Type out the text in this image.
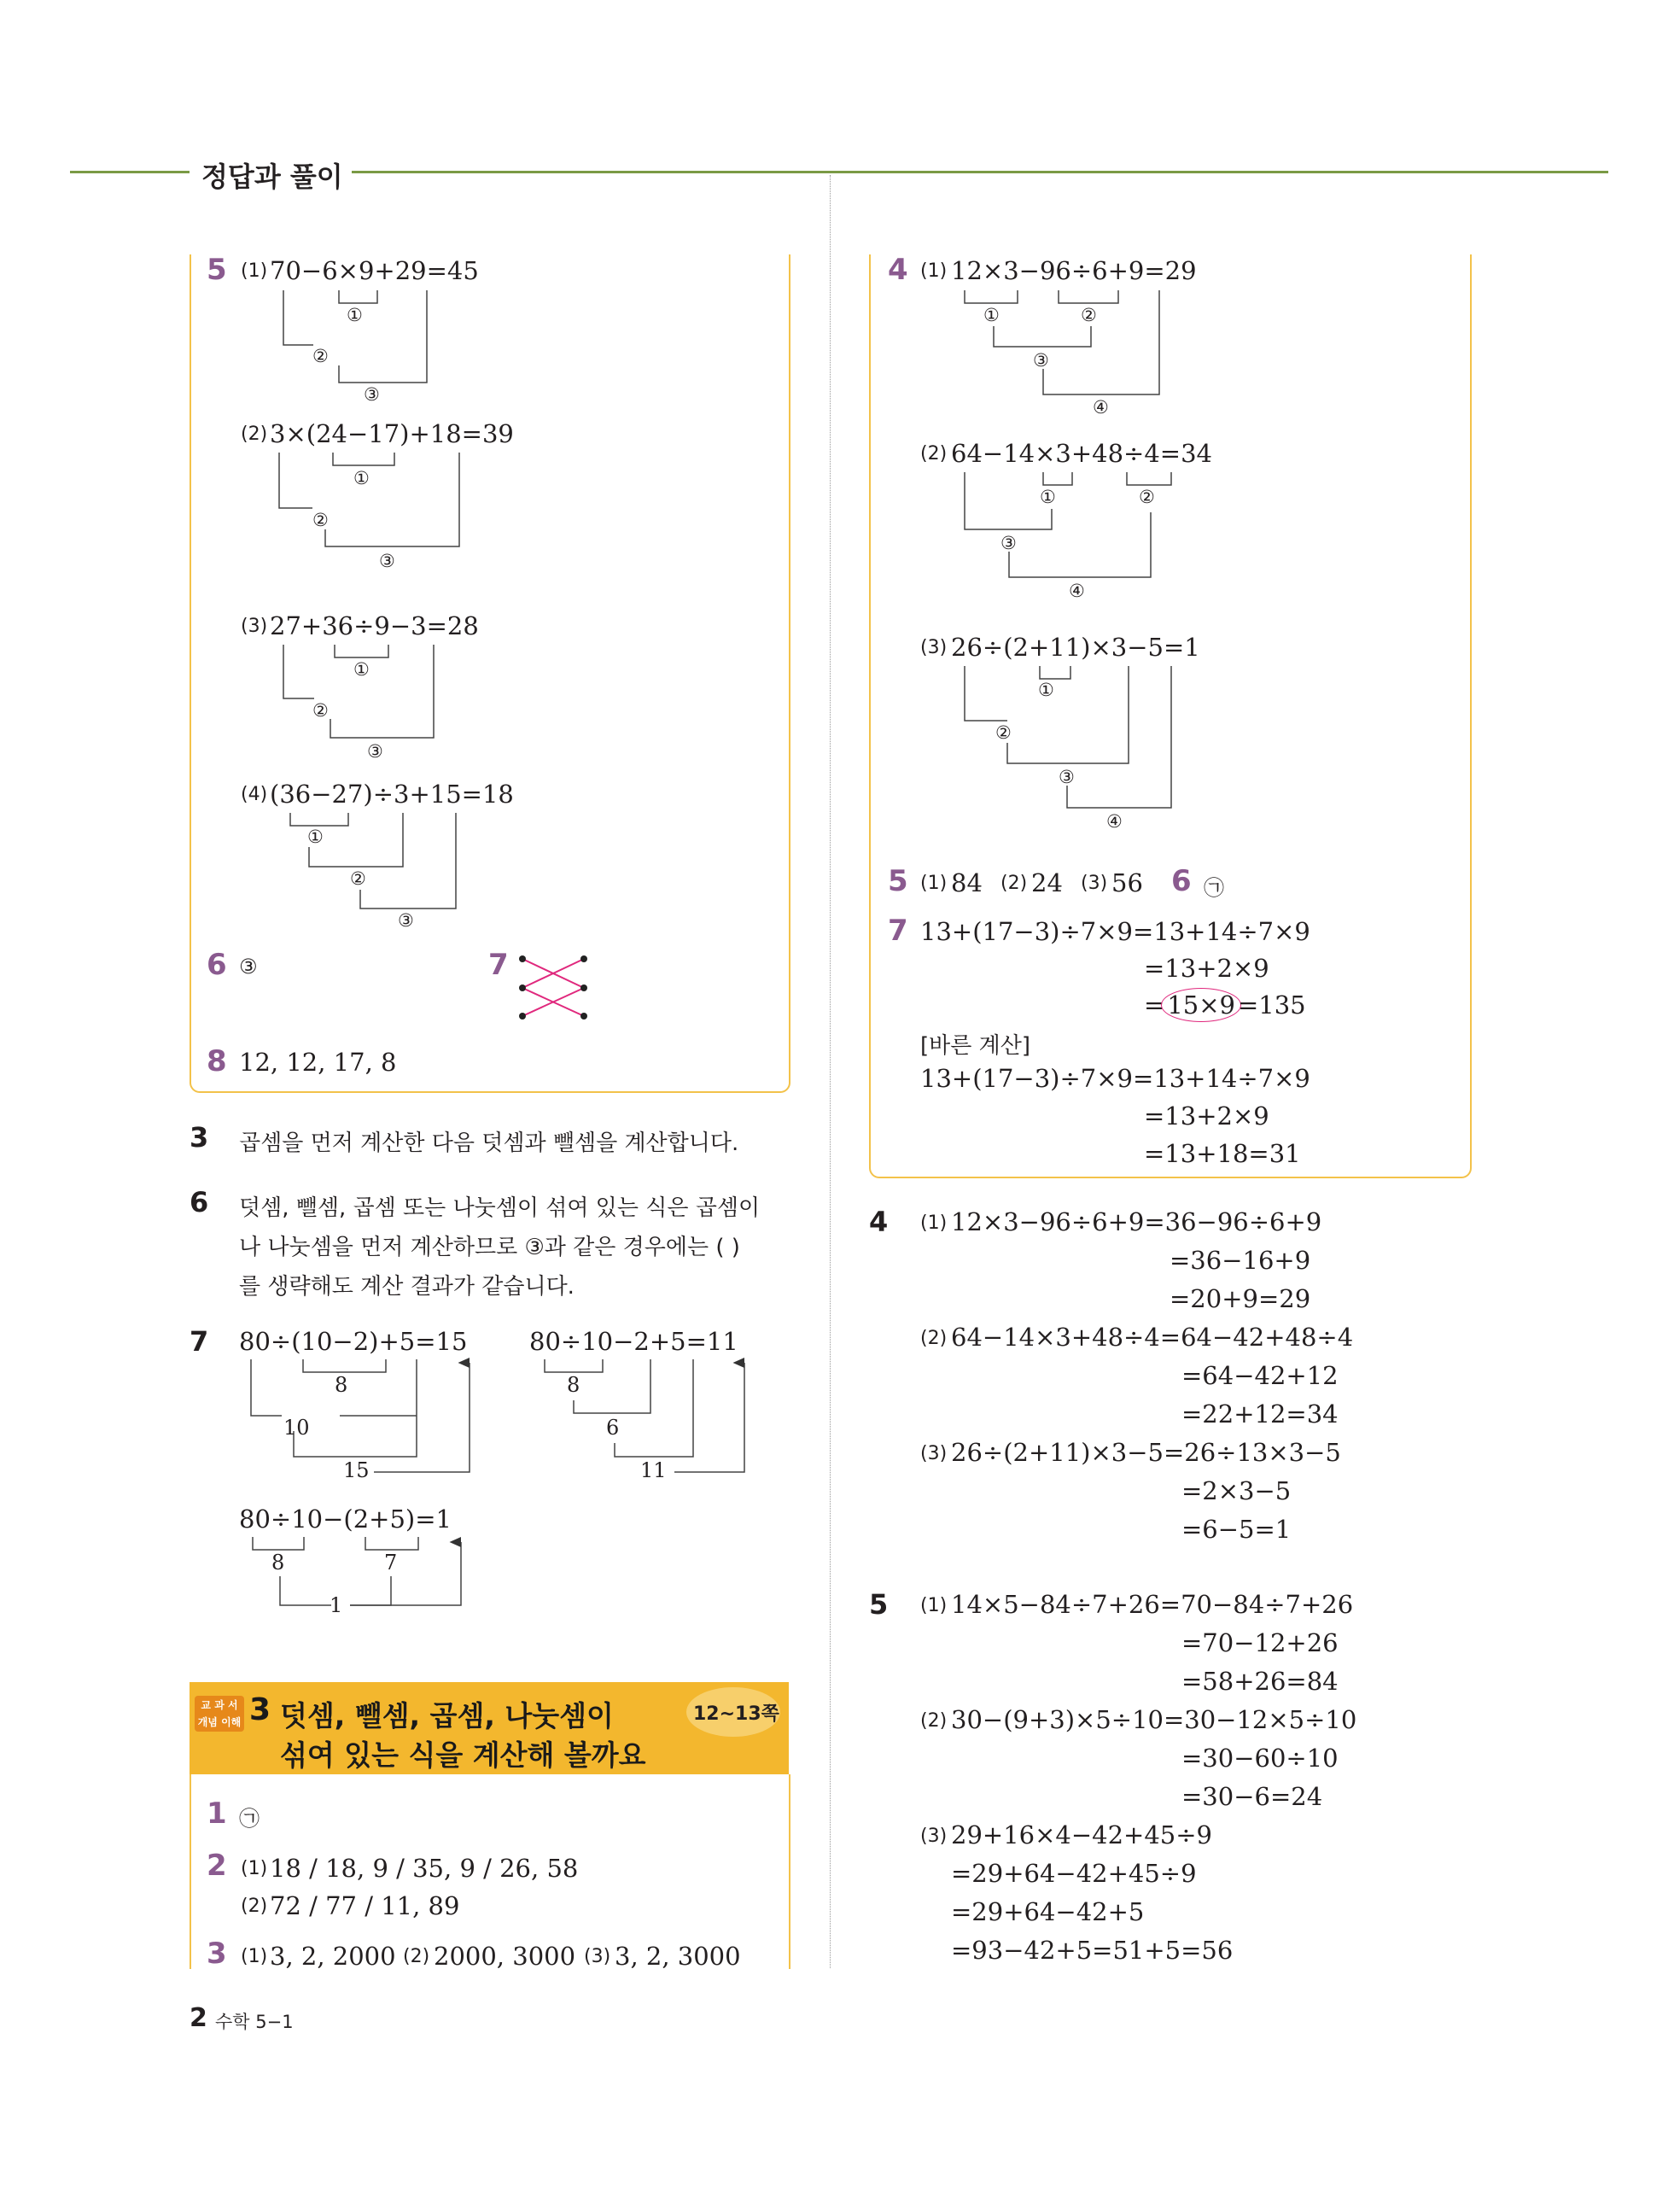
정답과 풀이
5 (1) 70−6×9+29=45
①
②
③
(2) 3×(24−17)+18=39
①
②
③
(3) 27+36÷9−3=28
①
②
③
(4) (36−27)÷3+15=18
①
②
③
6 ③	7
8 12, 12, 17, 8
3 곱셈을 먼저 계산한 다음 덧셈과 뺄셈을 계산합니다.
6 덧셈, 뺄셈, 곱셈 또는 나눗셈이 섞여 있는 식은 곱셈이
나 나눗셈을 먼저 계산하므로 ③과 같은 경우에는 ( )
를 생략해도 계산 결과가 같습니다.
7 80÷(10−2)+5=15	80÷10−2+5=11
8
10
15
8
6
11
80÷10−(2+5)=1
8	7
1
교 과 서
개념 이해 3 덧셈, 뺄셈, 곱셈, 나눗셈이
섞여 있는 식을 계산해 볼까요
12~13쪽
1 ㉠
2 (1) 18 / 18, 9 / 35, 9 / 26, 58
(2) 72 / 77 / 11, 89
3 (1) 3, 2, 2000 (2) 2000, 3000 (3) 3, 2, 3000
2 수학 5−1
4 (1) 12×3−96÷6+9=29
①	②
③
④
(2) 64−14×3+48÷4=34
①	②
③
④
(3) 26÷(2+11)×3−5=1
①
②
③
④
5 (1) 84 (2) 24 (3) 56 6 ㉠
7 13+(17−3)÷7×9=13+14÷7×9
=13+2×9
= 15×9 =135
[바른 계산]
13+(17−3)÷7×9=13+14÷7×9
=13+2×9
=13+18=31
4 (1) 12×3−96÷6+9=36−96÷6+9
=36−16+9
=20+9=29
(2) 64−14×3+48÷4=64−42+48÷4
=64−42+12
=22+12=34
(3) 26÷(2+11)×3−5=26÷13×3−5
=2×3−5
=6−5=1
5 (1) 14×5−84÷7+26=70−84÷7+26
=70−12+26
=58+26=84
(2) 30−(9+3)×5÷10=30−12×5÷10
=30−60÷10
=30−6=24
(3) 29+16×4−42+45÷9
=29+64−42+45÷9
=29+64−42+5
=93−42+5=51+5=56
